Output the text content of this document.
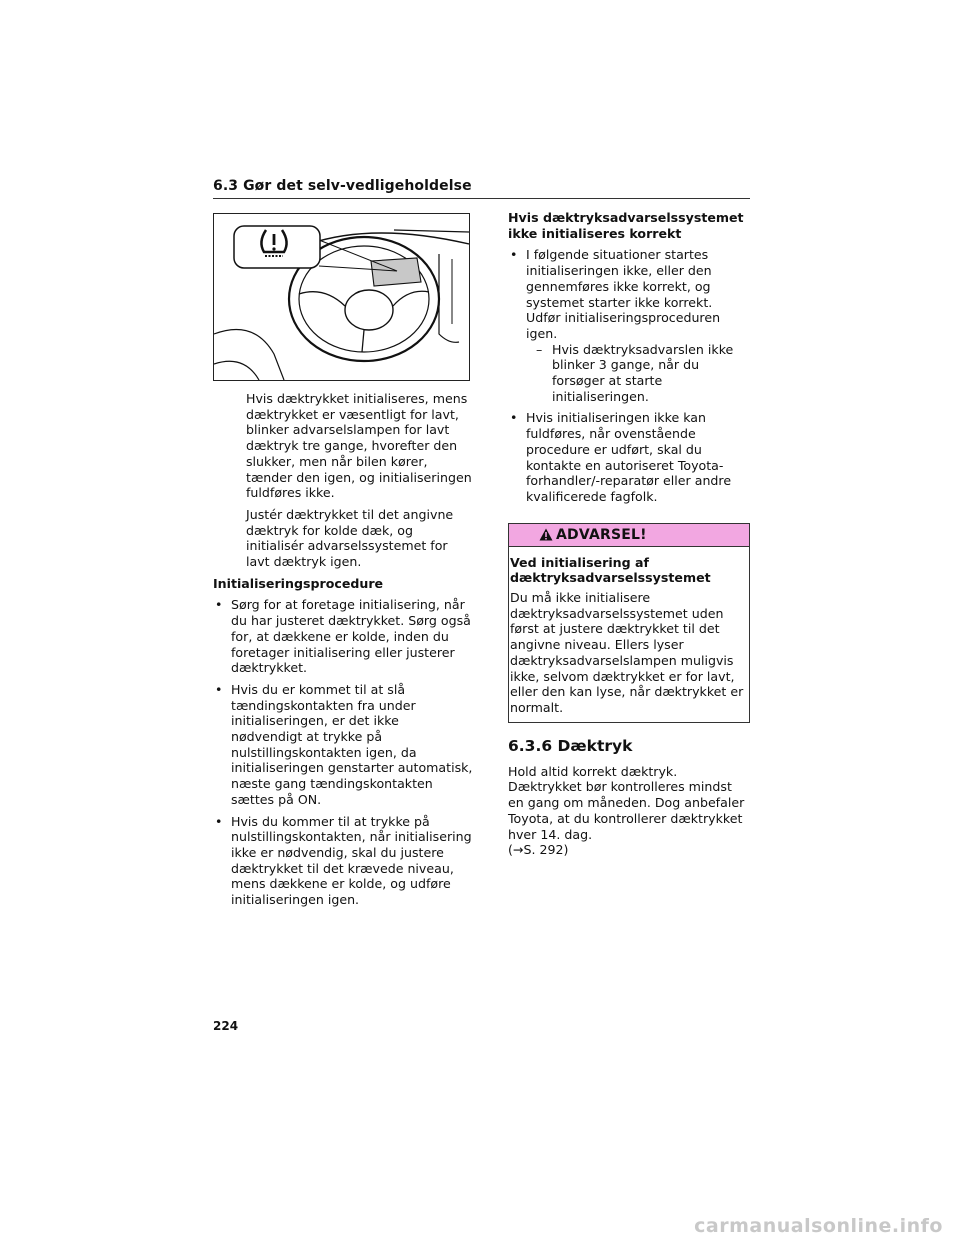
6.3 Gør det selv-vedligeholdelse

Hvis dæktrykket initialiseres, mens dæktrykket er væsentligt for lavt, blinker advarselslampen for lavt dæktryk tre gange, hvorefter den slukker, men når bilen kører, tænder den igen, og initialiseringen fuldføres ikke.

Justér dæktrykket til det angivne dæktryk for kolde dæk, og initialisér advarselssystemet for lavt dæktryk igen.

Initialiseringsprocedure
• Sørg for at foretage initialisering, når du har justeret dæktrykket. Sørg også for, at dækkene er kolde, inden du foretager initialisering eller justerer dæktrykket.
• Hvis du er kommet til at slå tændingskontakten fra under initialiseringen, er det ikke nødvendigt at trykke på nulstillingskontakten igen, da initialiseringen genstarter automatisk, næste gang tændingskontakten sættes på ON.
• Hvis du kommer til at trykke på nulstillingskontakten, når initialisering ikke er nødvendig, skal du justere dæktrykket til det krævede niveau, mens dækkene er kolde, og udføre initialiseringen igen.
Hvis dæktryksadvarselssystemet ikke initialiseres korrekt
• I følgende situationer startes initialiseringen ikke, eller den gennemføres ikke korrekt, og systemet starter ikke korrekt. Udfør initialiseringsproceduren igen.
– Hvis dæktryksadvarslen ikke blinker 3 gange, når du forsøger at starte initialiseringen.
• Hvis initialiseringen ikke kan fuldføres, når ovenstående procedure er udført, skal du kontakte en autoriseret Toyota-forhandler/-reparatør eller andre kvalificerede fagfolk.
ADVARSEL!
Ved initialisering af dæktryksadvarselssystemet
Du må ikke initialisere dæktryksadvarselssystemet uden først at justere dæktrykket til det angivne niveau. Ellers lyser dæktryksadvarselslampen muligvis ikke, selvom dæktrykket er for lavt, eller den kan lyse, når dæktrykket er normalt.
6.3.6 Dæktryk
Hold altid korrekt dæktryk. Dæktrykket bør kontrolleres mindst en gang om måneden. Dog anbefaler Toyota, at du kontrollerer dæktrykket hver 14. dag.
(→S. 292)
224
carmanualsonline.info
